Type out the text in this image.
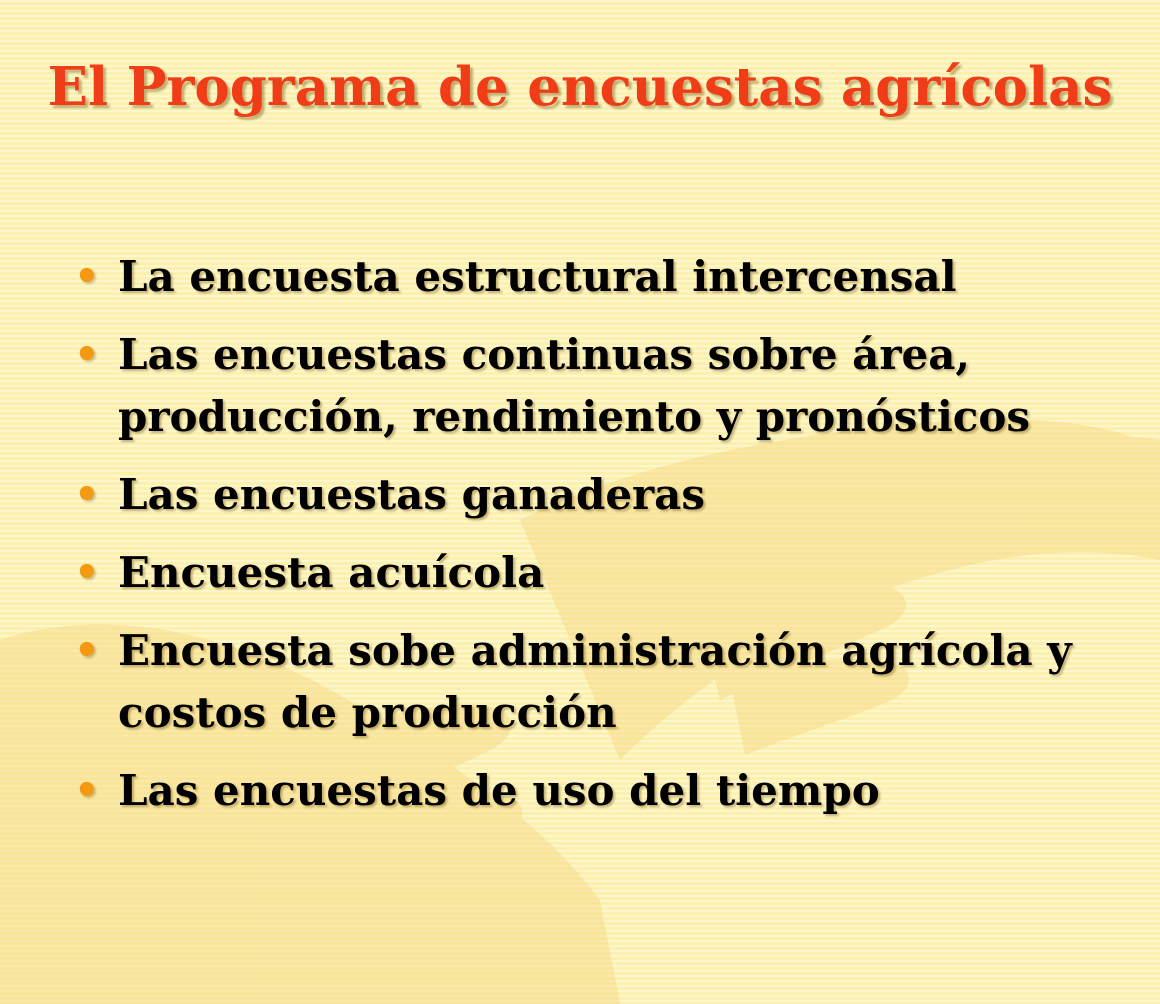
El Programa de encuestas agrícolas
• La encuesta estructural intercensal
• Las encuestas continuas sobre área, producción, rendimiento y pronósticos
• Las encuestas ganaderas
• Encuesta acuícola
• Encuesta sobe administración agrícola y costos de producción
• Las encuestas de uso del tiempo
